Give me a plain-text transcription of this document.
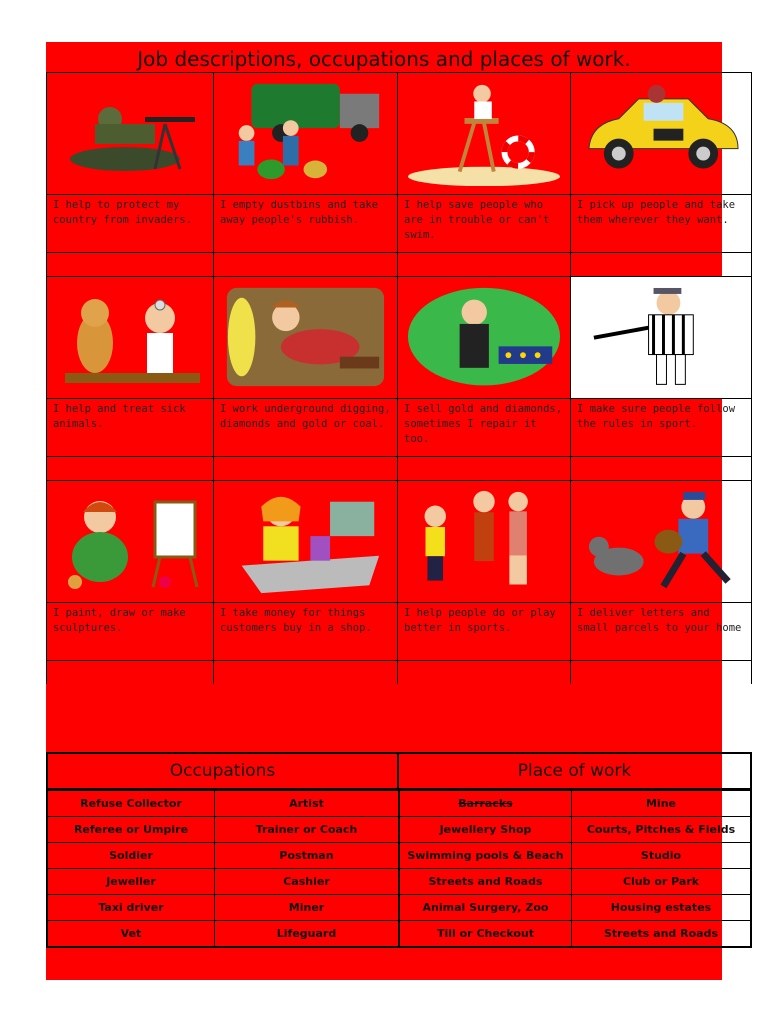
Job descriptions, occupations and places of work.
I help to protect my country from invaders.
I empty dustbins and take away people's rubbish.
I help save people who are in trouble or can't swim.
I pick up people and take them wherever they want.
I help and treat sick animals.
I work underground digging, diamonds and gold or coal.
I sell gold and diamonds, sometimes I repair it too.
I make sure people follow the rules in sport.
I paint, draw or make sculptures.
I take money for things customers buy in a shop.
I help people do or play better in sports.
I deliver letters and small parcels to your home
Occupations	Place of work
Refuse Collector	Artist	Barracks	Mine
Referee or Umpire	Trainer or Coach	Jewellery Shop	Courts, Pitches & Fields
Soldier	Postman	Swimming pools & Beach	Studio
Jeweller	Cashier	Streets and Roads	Club or Park
Taxi driver	Miner	Animal Surgery, Zoo	Housing estates
Vet	Lifeguard	Till or Checkout	Streets and Roads
